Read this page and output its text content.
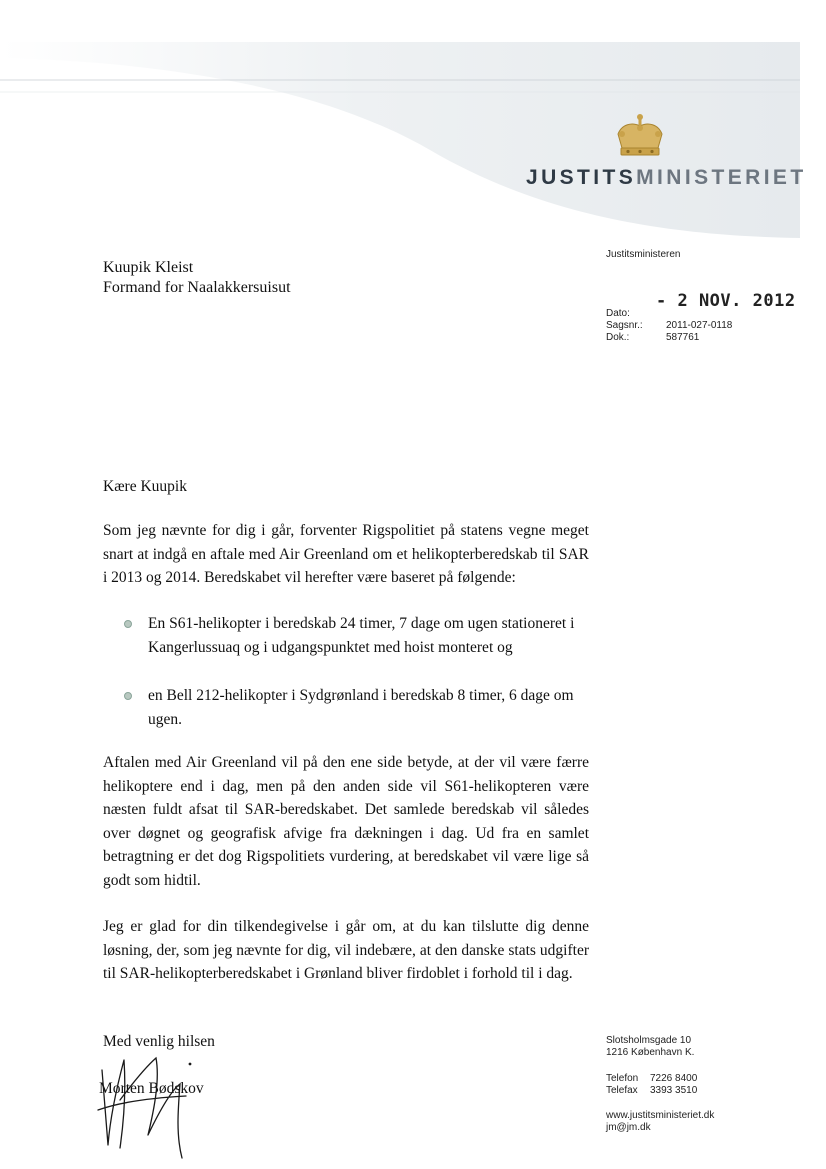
JUSTITSMINISTERIET
Justitsministeren
Kuupik Kleist
Formand for Naalakkersuisut
- 2 NOV. 2012
Dato:
Sagsnr.: 2011-027-0118
Dok.:	587761
Kære Kuupik
Som jeg nævnte for dig i går, forventer Rigspolitiet på statens vegne meget snart at indgå en aftale med Air Greenland om et helikopterberedskab til SAR i 2013 og 2014. Beredskabet vil herefter være baseret på følgende:
En S61-helikopter i beredskab 24 timer, 7 dage om ugen stationeret i Kangerlussuaq og i udgangspunktet med hoist monteret og
en Bell 212-helikopter i Sydgrønland i beredskab 8 timer, 6 dage om ugen.
Aftalen med Air Greenland vil på den ene side betyde, at der vil være færre helikoptere end i dag, men på den anden side vil S61-helikopteren være næsten fuldt afsat til SAR-beredskabet. Det samlede beredskab vil således over døgnet og geografisk afvige fra dækningen i dag. Ud fra en samlet betragtning er det dog Rigspolitiets vurdering, at beredskabet vil være lige så godt som hidtil.
Jeg er glad for din tilkendegivelse i går om, at du kan tilslutte dig denne løsning, der, som jeg nævnte for dig, vil indebære, at den danske stats udgifter til SAR-helikopterberedskabet i Grønland bliver firdoblet i forhold til i dag.
Med venlig hilsen
Morten Bødskov
Slotsholmsgade 10
1216 København K.
Telefon 7226 8400
Telefax 3393 3510
www.justitsministeriet.dk
jm@jm.dk
